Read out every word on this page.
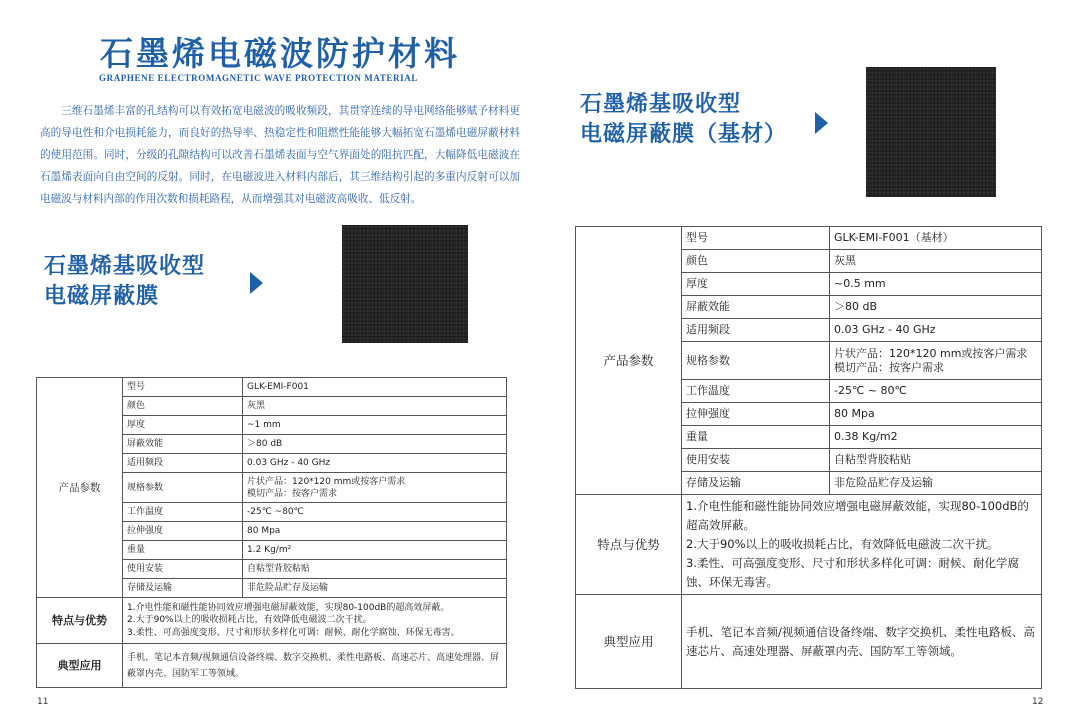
石墨烯电磁波防护材料
GRAPHENE ELECTROMAGNETIC WAVE PROTECTION MATERIAL

三维石墨烯丰富的孔结构可以有效拓宽电磁波的吸收频段，其贯穿连续的导电网络能够赋予材料更高的导电性和介电损耗能力，而良好的热导率、热稳定性和阻燃性能能够大幅拓宽石墨烯电磁屏蔽材料的使用范围。同时，分级的孔隙结构可以改善石墨烯表面与空气界面处的阻抗匹配，大幅降低电磁波在石墨烯表面向自由空间的反射。同时，在电磁波进入材料内部后，其三维结构引起的多重内反射可以加电磁波与材料内部的作用次数和损耗路程，从而增强其对电磁波高吸收、低反射。

石墨烯基吸收型
电磁屏蔽膜
产品参数	型号	GLK-EMI-F001
	颜色	灰黑
	厚度	~1 mm
	屏蔽效能	＞80 dB
	适用频段	0.03 GHz - 40 GHz
	规格参数	片状产品：120*120 mm或按客户需求
模切产品：按客户需求

	工作温度	-25℃ ~80℃
	拉伸强度	80 Mpa
	重量	1.2 Kg/m²
	使用安装	自粘型背胶粘贴
	存储及运输	非危险品贮存及运输
特点与优势	1.介电性能和磁性能协同效应增强电磁屏蔽效能，实现80-100dB的超高效屏蔽。
2.大于90%以上的吸收损耗占比，有效降低电磁波二次干扰。
3.柔性、可高强度变形、尺寸和形状多样化可调：耐候、耐化学腐蚀、环保无毒害。	

典型应用	手机、笔记本音频/视频通信设备终端、数字交换机、柔性电路板、高速芯片、高速处理器、屏蔽罩内壳、国防军工等领域。	
11
石墨烯基吸收型
电磁屏蔽膜（基材）
产品参数	型号	GLK-EMI-F001（基材）
	颜色	灰黑
	厚度	~0.5 mm
	屏蔽效能	＞80 dB
	适用频段	0.03 GHz - 40 GHz
	规格参数	片状产品：120*120 mm或按客户需求
模切产品：按客户需求

	工作温度	-25℃ ~ 80℃
	拉伸强度	80 Mpa
	重量	0.38 Kg/m2
	使用安装	自粘型背胶粘贴
	存储及运输	非危险品贮存及运输
特点与优势	1.介电性能和磁性能协同效应增强电磁屏蔽效能，实现80-100dB的超高效屏蔽。
2.大于90%以上的吸收损耗占比，有效降低电磁波二次干扰。
3.柔性、可高强度变形、尺寸和形状多样化可调：耐候、耐化学腐蚀、环保无毒害。	

典型应用	手机、笔记本音频/视频通信设备终端、数字交换机、柔性电路板、高速芯片、高速处理器、屏蔽罩内壳、国防军工等领域。	
12
